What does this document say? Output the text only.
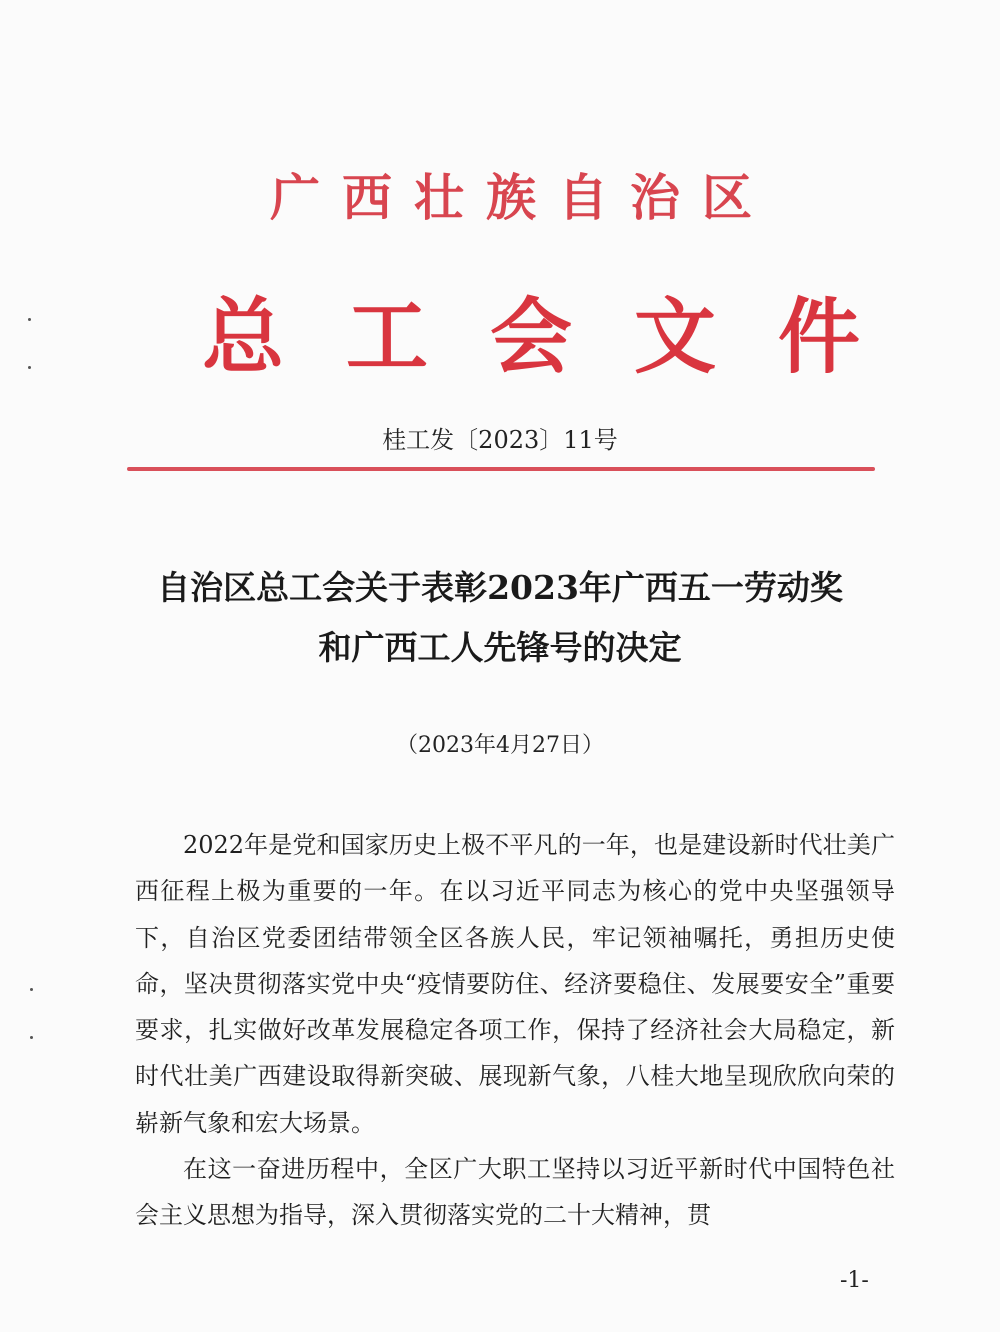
广西壮族自治区
总工会文件
桂工发〔2023〕11号
自治区总工会关于表彰2023年广西五一劳动奖
和广西工人先锋号的决定
（2023年4月27日）

2022年是党和国家历史上极不平凡的一年，也是建设新时代壮美广西征程上极为重要的一年。在以习近平同志为核心的党中央坚强领导下，自治区党委团结带领全区各族人民，牢记领袖嘱托，勇担历史使命，坚决贯彻落实党中央“疫情要防住、经济要稳住、发展要安全”重要要求，扎实做好改革发展稳定各项工作，保持了经济社会大局稳定，新时代壮美广西建设取得新突破、展现新气象，八桂大地呈现欣欣向荣的崭新气象和宏大场景。

在这一奋进历程中，全区广大职工坚持以习近平新时代中国特色社会主义思想为指导，深入贯彻落实党的二十大精神，贯

-1-
